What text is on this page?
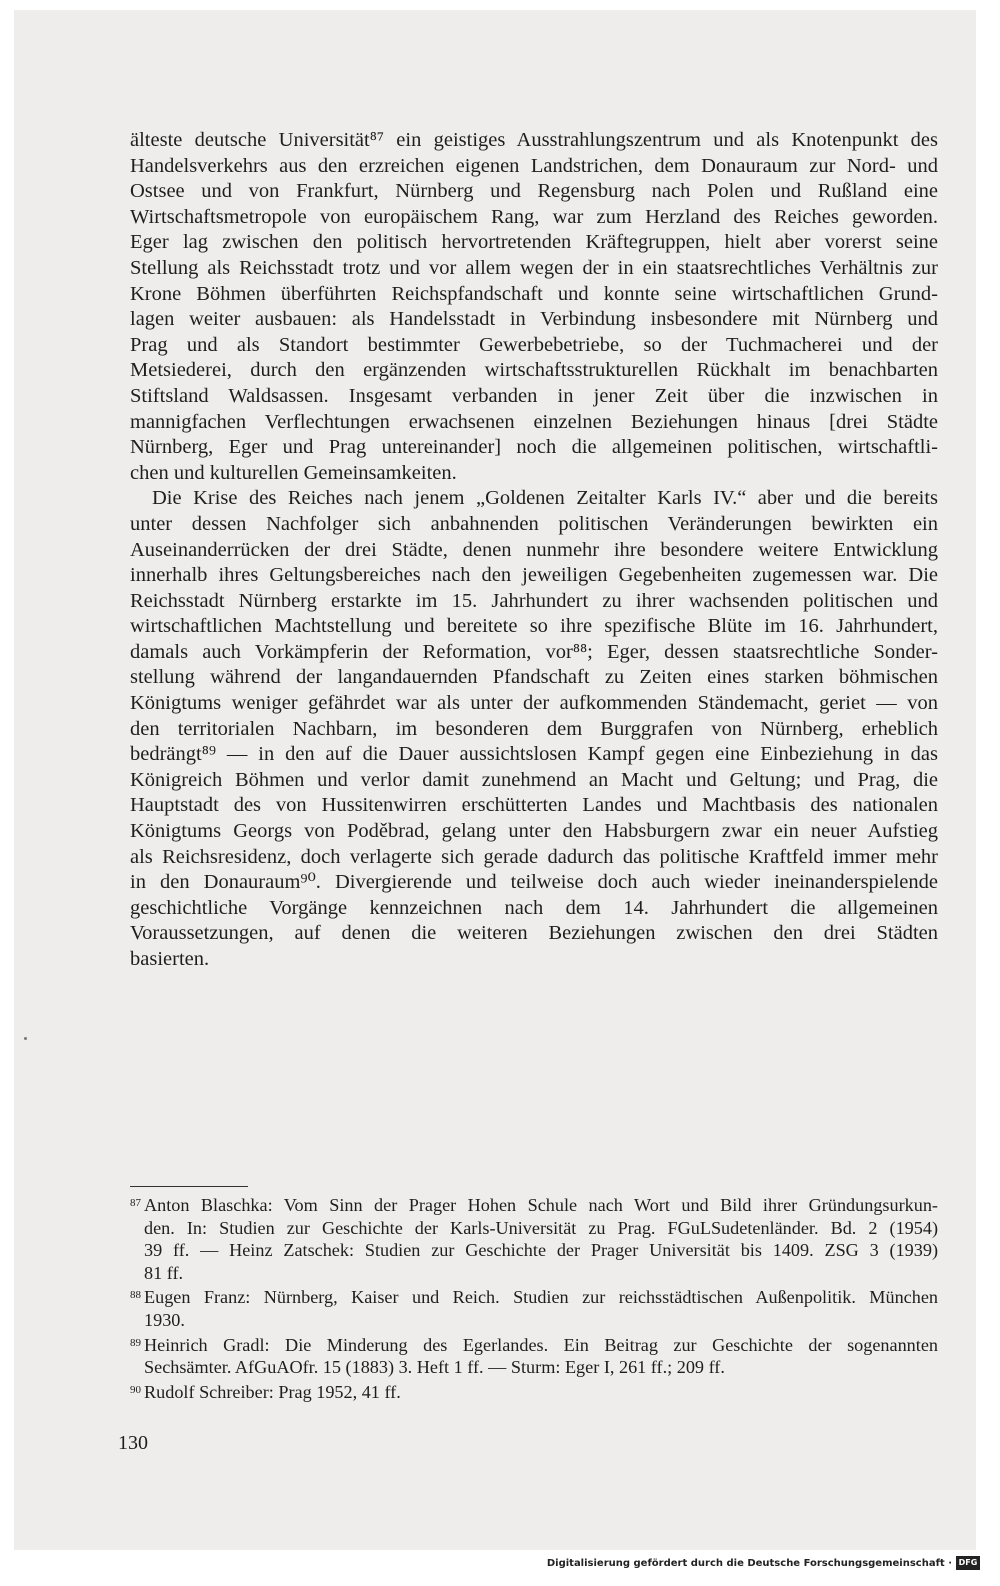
älteste deutsche Universität⁸⁷ ein geistiges Ausstrahlungszentrum und als Knotenpunkt des
Handelsverkehrs aus den erzreichen eigenen Landstrichen, dem Donauraum zur Nord- und
Ostsee und von Frankfurt, Nürnberg und Regensburg nach Polen und Rußland eine
Wirtschaftsmetropole von europäischem Rang, war zum Herzland des Reiches geworden.
Eger lag zwischen den politisch hervortretenden Kräftegruppen, hielt aber vorerst seine
Stellung als Reichsstadt trotz und vor allem wegen der in ein staatsrechtliches Verhältnis zur
Krone Böhmen überführten Reichspfandschaft und konnte seine wirtschaftlichen Grund-
lagen weiter ausbauen: als Handelsstadt in Verbindung insbesondere mit Nürnberg und
Prag und als Standort bestimmter Gewerbebetriebe, so der Tuchmacherei und der
Metsiederei, durch den ergänzenden wirtschaftsstrukturellen Rückhalt im benachbarten
Stiftsland Waldsassen. Insgesamt verbanden in jener Zeit über die inzwischen in
mannigfachen Verflechtungen erwachsenen einzelnen Beziehungen hinaus [drei Städte
Nürnberg, Eger und Prag untereinander] noch die allgemeinen politischen, wirtschaftli-
chen und kulturellen Gemeinsamkeiten.
Die Krise des Reiches nach jenem „Goldenen Zeitalter Karls IV.“ aber und die bereits
unter dessen Nachfolger sich anbahnenden politischen Veränderungen bewirkten ein
Auseinanderrücken der drei Städte, denen nunmehr ihre besondere weitere Entwicklung
innerhalb ihres Geltungsbereiches nach den jeweiligen Gegebenheiten zugemessen war. Die
Reichsstadt Nürnberg erstarkte im 15. Jahrhundert zu ihrer wachsenden politischen und
wirtschaftlichen Machtstellung und bereitete so ihre spezifische Blüte im 16. Jahrhundert,
damals auch Vorkämpferin der Reformation, vor⁸⁸; Eger, dessen staatsrechtliche Sonder-
stellung während der langandauernden Pfandschaft zu Zeiten eines starken böhmischen
Königtums weniger gefährdet war als unter der aufkommenden Ständemacht, geriet — von
den territorialen Nachbarn, im besonderen dem Burggrafen von Nürnberg, erheblich
bedrängt⁸⁹ — in den auf die Dauer aussichtslosen Kampf gegen eine Einbeziehung in das
Königreich Böhmen und verlor damit zunehmend an Macht und Geltung; und Prag, die
Hauptstadt des von Hussitenwirren erschütterten Landes und Machtbasis des nationalen
Königtums Georgs von Poděbrad, gelang unter den Habsburgern zwar ein neuer Aufstieg
als Reichsresidenz, doch verlagerte sich gerade dadurch das politische Kraftfeld immer mehr
in den Donauraum⁹⁰. Divergierende und teilweise doch auch wieder ineinanderspielende
geschichtliche Vorgänge kennzeichnen nach dem 14. Jahrhundert die allgemeinen
Voraussetzungen, auf denen die weiteren Beziehungen zwischen den drei Städten
basierten.
87 Anton Blaschka: Vom Sinn der Prager Hohen Schule nach Wort und Bild ihrer Gründungsurkun-
den. In: Studien zur Geschichte der Karls-Universität zu Prag. FGuLSudetenländer. Bd. 2 (1954)
39 ff. — Heinz Zatschek: Studien zur Geschichte der Prager Universität bis 1409. ZSG 3 (1939)
81 ff.
88 Eugen Franz: Nürnberg, Kaiser und Reich. Studien zur reichsstädtischen Außenpolitik. München
1930.
89 Heinrich Gradl: Die Minderung des Egerlandes. Ein Beitrag zur Geschichte der sogenannten
Sechsämter. AfGuAOfr. 15 (1883) 3. Heft 1 ff. — Sturm: Eger I, 261 ff.; 209 ff.
90 Rudolf Schreiber: Prag 1952, 41 ff.
130
Digitalisierung gefördert durch die Deutsche Forschungsgemeinschaft · DFG
